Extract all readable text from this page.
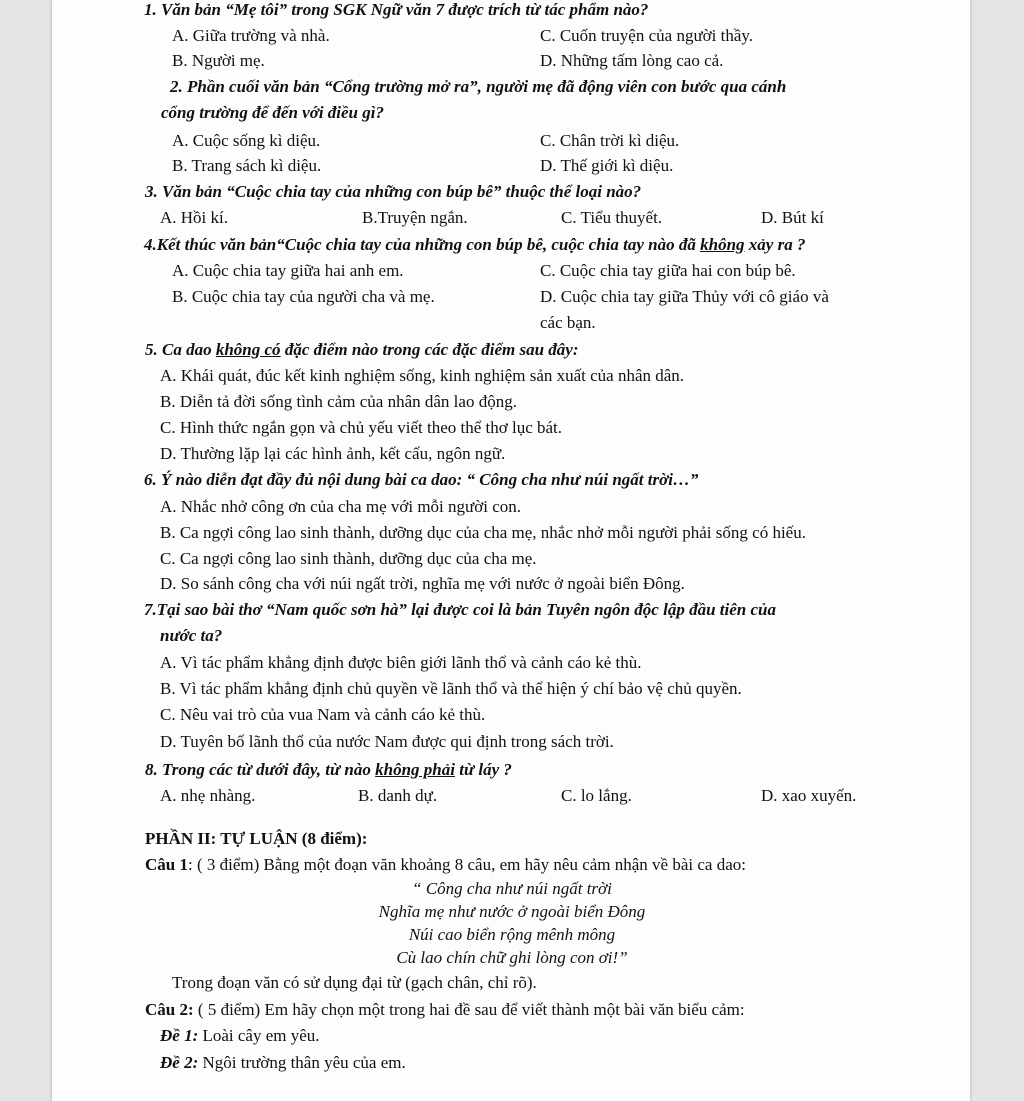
1. Văn bản “Mẹ tôi” trong SGK Ngữ văn 7 được trích từ tác phẩm nào?
A. Giữa trường và nhà.	C. Cuốn truyện của người thầy.
B. Người mẹ.	D. Những tấm lòng cao cả.
2. Phần cuối văn bản “Cổng trường mở ra”, người mẹ đã động viên con bước qua cánh
cổng trường để đến với điều gì?
A. Cuộc sống kì diệu.	C. Chân trời kì diệu.
B. Trang sách kì diệu.	D. Thế giới kì diệu.
3. Văn bản “Cuộc chia tay của những con búp bê” thuộc thể loại nào?
A. Hồi kí.	B.Truyện ngắn.	C. Tiểu thuyết.	D. Bút kí
4.Kết thúc văn bản“Cuộc chia tay của những con búp bê, cuộc chia tay nào đã không xảy ra ?
A. Cuộc chia tay giữa hai anh em.	C. Cuộc chia tay giữa hai con búp bê.
B. Cuộc chia tay của người cha và mẹ.	D. Cuộc chia tay giữa Thủy với cô giáo và
các bạn.
5. Ca dao không có đặc điểm nào trong các đặc điểm sau đây:
A. Khái quát, đúc kết kinh nghiệm sống, kinh nghiệm sản xuất của nhân dân.
B. Diễn tả đời sống tình cảm của nhân dân lao động.
C. Hình thức ngắn gọn và chủ yếu viết theo thể thơ lục bát.
D. Thường lặp lại các hình ảnh, kết cấu, ngôn ngữ.
6. Ý nào diễn đạt đầy đủ nội dung bài ca dao: “ Công cha như núi ngất trời…”
A. Nhắc nhở công ơn của cha mẹ với mỗi người con.
B. Ca ngợi công lao sinh thành, dưỡng dục của cha mẹ, nhắc nhở mỗi người phải sống có hiếu.
C. Ca ngợi công lao sinh thành, dưỡng dục của cha mẹ.
D. So sánh công cha với núi ngất trời, nghĩa mẹ với nước ở ngoài biển Đông.
7.Tại sao bài thơ “Nam quốc sơn hà” lại được coi là bản Tuyên ngôn độc lập đầu tiên của
nước ta?
A. Vì tác phẩm khẳng định được biên giới lãnh thổ và cảnh cáo kẻ thù.
B. Vì tác phẩm khẳng định chủ quyền về lãnh thổ và thể hiện ý chí bảo vệ chủ quyền.
C. Nêu vai trò của vua Nam và cảnh cáo kẻ thù.
D. Tuyên bố lãnh thổ của nước Nam được qui định trong sách trời.
8. Trong các từ dưới đây, từ nào không phải từ láy ?
A. nhẹ nhàng.	B. danh dự.	C. lo lắng.	D. xao xuyến.
PHẦN II: TỰ LUẬN (8 điểm):
Câu 1: ( 3 điểm) Bằng một đoạn văn khoảng 8 câu, em hãy nêu cảm nhận về bài ca dao:
“ Công cha như núi ngất trời
Nghĩa mẹ như nước ở ngoài biển Đông
Núi cao biển rộng mênh mông
Cù lao chín chữ ghi lòng con ơi!”
Trong đoạn văn có sử dụng đại từ (gạch chân, chỉ rõ).
Câu 2: ( 5 điểm) Em hãy chọn một trong hai đề sau để viết thành một bài văn biểu cảm:
Đề 1: Loài cây em yêu.
Đề 2: Ngôi trường thân yêu của em.
